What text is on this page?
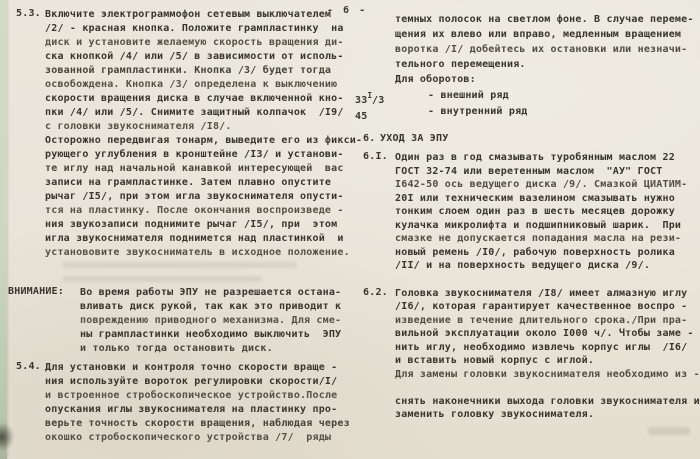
- 6 -
5.3. Включите электрограммофон сетевым выключателем
/2/ - красная кнопка. Положите грампластинку  на
диск и установите желаемую скорость вращения ди-
ска кнопкой /4/ или /5/ в зависимости от исполь-
зованной грампластинки. Кнопка /3/ будет тогда
освобождена. Кнопка /3/ определена к выключению
скорости вращения диска в случае включенной кно-
пки /4/ или /5/. Снимите защитный колпачок  /I9/
с головки звукоснимателя /I8/.
Осторожно передвигая тонарм, выведите его из фикси-
рующего углубления в кронштейне /I3/ и установи-
те иглу над начальной канавкой интересующей  вас
записи на грампластинке. Затем плавно опустите
рычаг /I5/, при этом игла звукоснимателя опусти-
тся на пластинку. После окончания воспроизведе -
ния звукозаписи поднимите рычаг /I5/, при  этом
игла звукоснимателя поднимется над пластинкой  и
установовите звукосниматель в исходное положение.
ВНИМАНИЕ: Во время работы ЭПУ не разрешается остана-
вливать диск рукой, так как это приводит к
повреждению приводного механизма. Для сме-
ны грампластинки необходимо выключить  ЭПУ
и только тогда остановить диск.
5.4. Для установки и контроля точно скорости враще -
ния используйте вороток регулировки скорости/I/
и встроенное стробоскопическое устройство.После
опускания иглы звукоснимателя на пластинку про-
верьте точность скорости вращения, наблюдая через
окошко стробоскопического устройства /7/  ряды
темных полосок на светлом фоне. В случае переме-
щения их влево или вправо, медленным вращением
воротка /I/ добейтесь их остановки или незначи-
тельного перемещения.
Для оборотов:
$33^I/3$	- внешний ряд
45	- внутренний ряд
6. УХОД ЗА ЭПУ
6.I. Один раз в год смазывать туробянным маслом 22
ГОСТ 32-74 или веретенным маслом  "АУ" ГОСТ
I642-50 ось ведущего диска /9/. Смазкой ЦИАТИМ-
20I или техническим вазелином смазывать нужно
тонким слоем один раз в шесть месяцев дорожку
кулачка микролифта и подшипниковый шарик.  При
смазке не допускается попадания масла на рези-
новый ремень /I0/, рабочую поверхность ролика
/II/ и на поверхность ведущего диска /9/.
6.2. Головка звукоснимателя /I8/ имеет алмазную иглу
/I6/, которая гарантирует качественное воспро -
изведение в течение длительного срока./При пра-
вильной эксплуатации около I000 ч/. Чтобы заме -
нить иглу, необходимо извлечь корпус иглы  /I6/
и вставить новый корпус с иглой.
Для замены головки звукоснимателя необходимо из -
снять наконечники выхода головки звукоснимателя и
заменить головку звукоснимателя.
